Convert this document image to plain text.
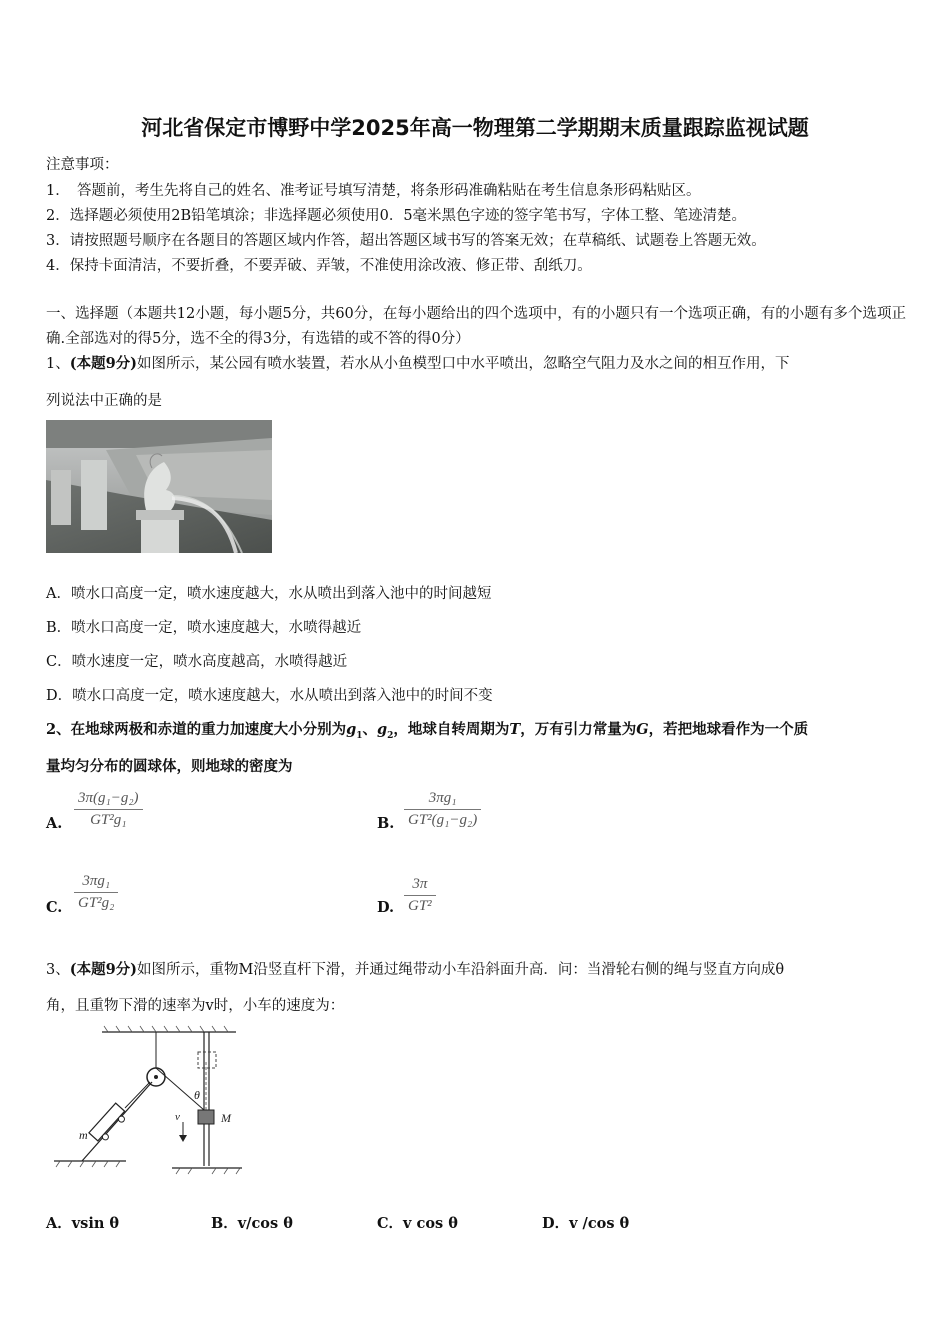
河北省保定市博野中学2025年高一物理第二学期期末质量跟踪监视试题
注意事项：
1．　答题前，考生先将自己的姓名、准考证号填写清楚，将条形码准确粘贴在考生信息条形码粘贴区。
2．选择题必须使用2B铅笔填涂；非选择题必须使用0．5毫米黑色字迹的签字笔书写，字体工整、笔迹清楚。
3．请按照题号顺序在各题目的答题区域内作答，超出答题区域书写的答案无效；在草稿纸、试题卷上答题无效。
4．保持卡面清洁，不要折叠，不要弄破、弄皱，不准使用涂改液、修正带、刮纸刀。
一、选择题（本题共12小题，每小题5分，共60分，在每小题给出的四个选项中，有的小题只有一个选项正确，有的小题有多个选项正确.全部选对的得5分，选不全的得3分，有选错的或不答的得0分）
1、(本题9分)如图所示，某公园有喷水装置，若水从小鱼模型口中水平喷出，忽略空气阻力及水之间的相互作用，下
列说法中正确的是
A．喷水口高度一定，喷水速度越大，水从喷出到落入池中的时间越短
B．喷水口高度一定，喷水速度越大，水喷得越近
C．喷水速度一定，喷水高度越高，水喷得越近
D．喷水口高度一定，喷水速度越大，水从喷出到落入池中的时间不变
2、在地球两极和赤道的重力加速度大小分别为$g_1$、$g_2$，地球自转周期为T，万有引力常量为G，若把地球看作为一个质
量均匀分布的圆球体，则地球的密度为
A. $\frac{\text{3π(g₁−g₂)}}{\text{GT²g₁}}$	B. $\frac{\text{3πg₁}}{\text{GT²(g₁−g₂)}}$
C. $\frac{\text{3πg₁}}{\text{GT²g₂}}$	D. $\frac{3\pi}{\text{GT²}}$
3、(本题9分)如图所示，重物M沿竖直杆下滑，并通过绳带动小车沿斜面升高．问：当滑轮右侧的绳与竖直方向成θ
角，且重物下滑的速率为v时，小车的速度为：
θ
M
v
m
A．vsin θ	B．v/cos θ	C．v cos θ	D．v /cos θ
